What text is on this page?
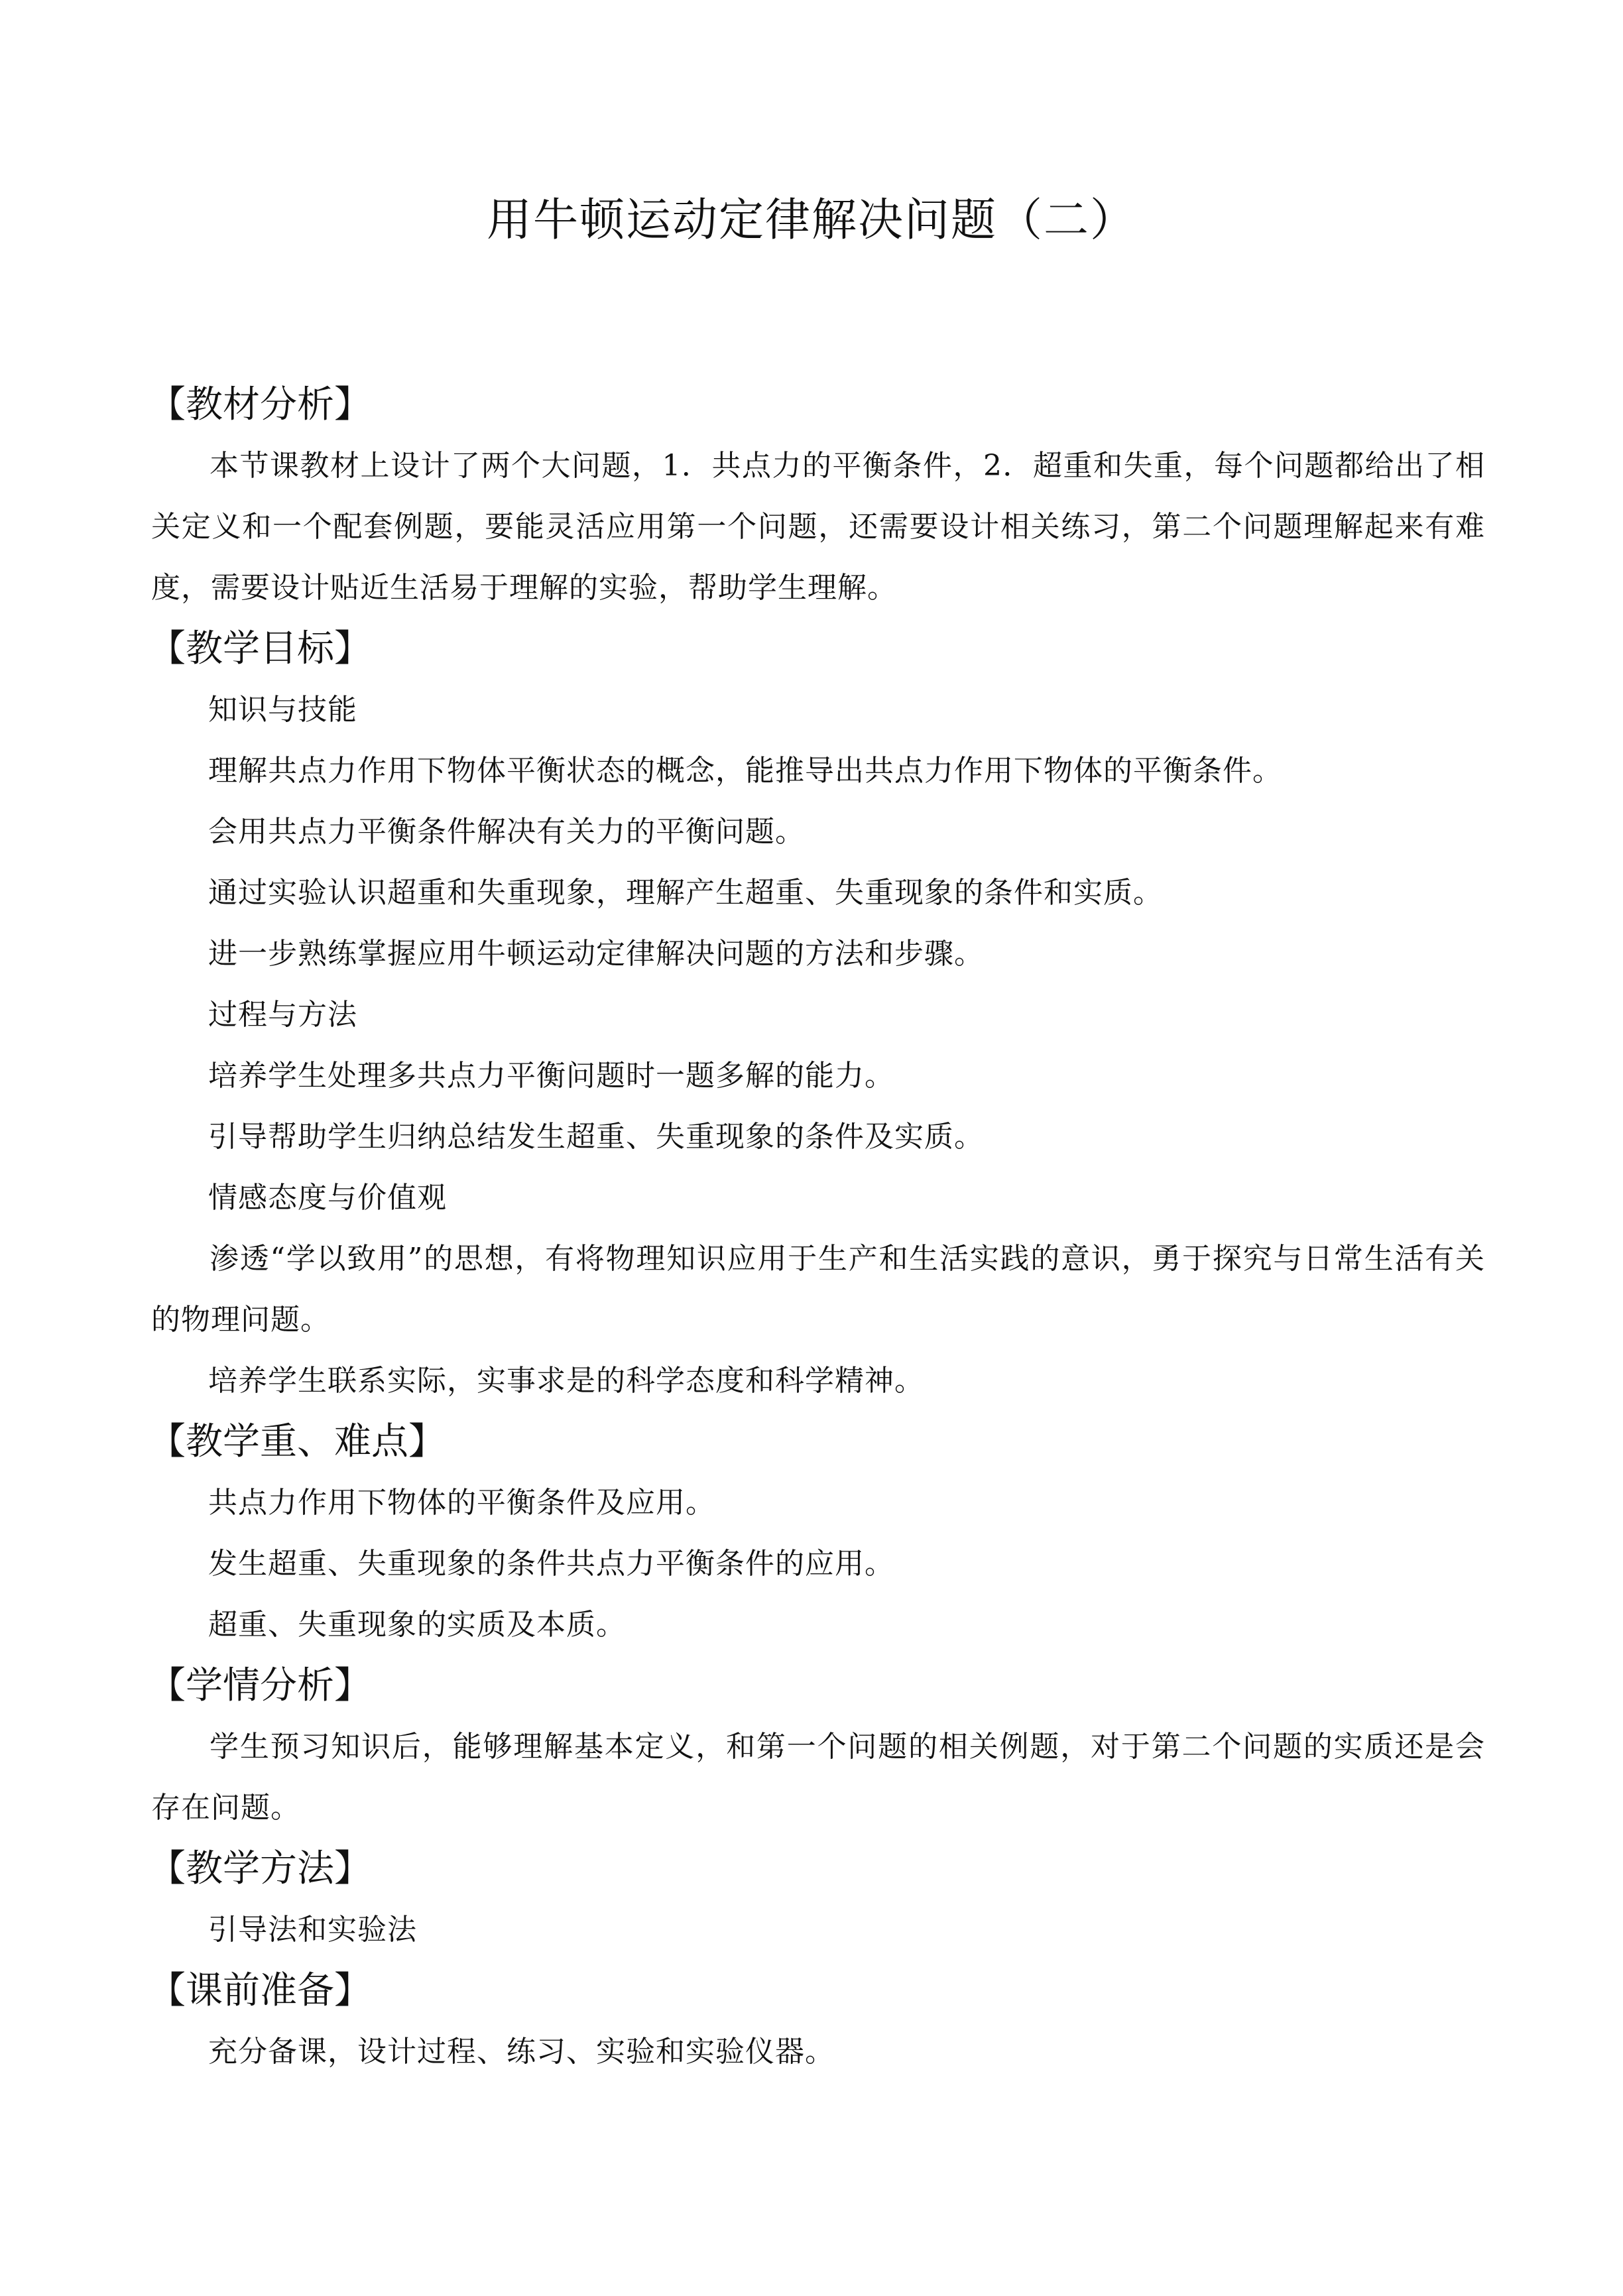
用牛顿运动定律解决问题（二）
【教材分析】

本节课教材上设计了两个大问题，1．共点力的平衡条件，2．超重和失重，每个问题都给出了相关定义和一个配套例题，要能灵活应用第一个问题，还需要设计相关练习，第二个问题理解起来有难度，需要设计贴近生活易于理解的实验，帮助学生理解。

【教学目标】
知识与技能
理解共点力作用下物体平衡状态的概念，能推导出共点力作用下物体的平衡条件。
会用共点力平衡条件解决有关力的平衡问题。
通过实验认识超重和失重现象，理解产生超重、失重现象的条件和实质。
进一步熟练掌握应用牛顿运动定律解决问题的方法和步骤。
过程与方法
培养学生处理多共点力平衡问题时一题多解的能力。
引导帮助学生归纳总结发生超重、失重现象的条件及实质。
情感态度与价值观

渗透“学以致用”的思想，有将物理知识应用于生产和生活实践的意识，勇于探究与日常生活有关的物理问题。

培养学生联系实际，实事求是的科学态度和科学精神。
【教学重、难点】
共点力作用下物体的平衡条件及应用。
发生超重、失重现象的条件共点力平衡条件的应用。
超重、失重现象的实质及本质。
【学情分析】

学生预习知识后，能够理解基本定义，和第一个问题的相关例题，对于第二个问题的实质还是会存在问题。

【教学方法】
引导法和实验法
【课前准备】
充分备课，设计过程、练习、实验和实验仪器。
